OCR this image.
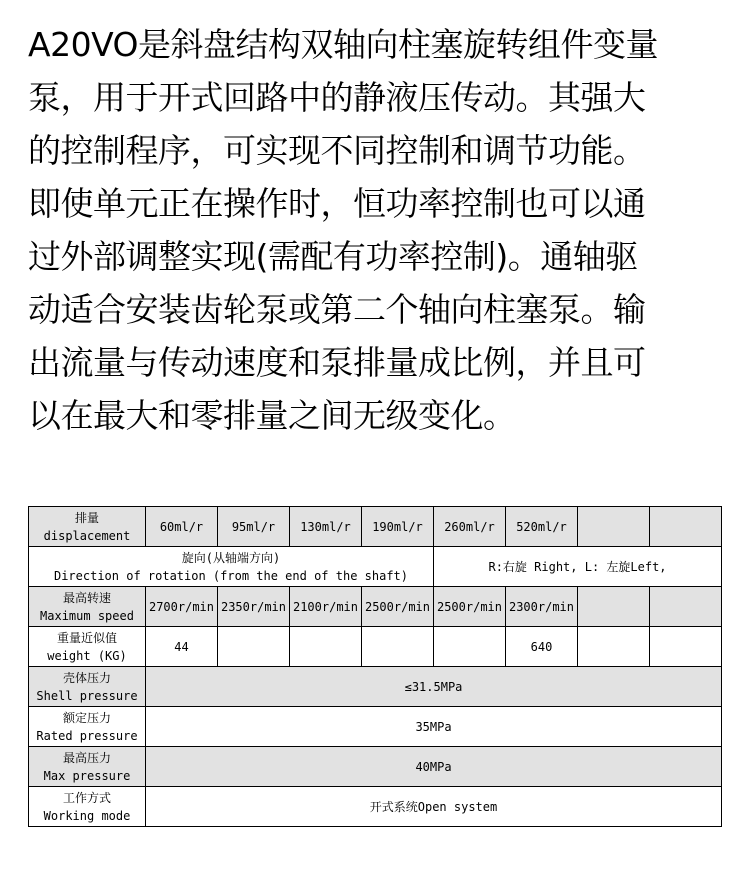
A20VO是斜盘结构双轴向柱塞旋转组件变量
泵，用于开式回路中的静液压传动。其强大
的控制程序，可实现不同控制和调节功能。
即使单元正在操作时，恒功率控制也可以通
过外部调整实现(需配有功率控制)。通轴驱
动适合安装齿轮泵或第二个轴向柱塞泵。输
出流量与传动速度和泵排量成比例，并且可
以在最大和零排量之间无级变化。
排量
displacement	60ml/r	95ml/r	130ml/r	190ml/r	260ml/r	520ml/r		

旋向(从轴端方向)
Direction of rotation (from the end of the shaft)					R:右旋 Right, L: 左旋Left,			

最高转速
Maximum speed	2700r/min	2350r/min	2100r/min	2500r/min	2500r/min	2300r/min		

重量近似值
weight (KG)	44					640		

壳体压力
Shell pressure	≤31.5MPa							

额定压力
Rated pressure	35MPa							

最高压力
Max pressure	40MPa							

工作方式
Working mode	开式系统Open system							
